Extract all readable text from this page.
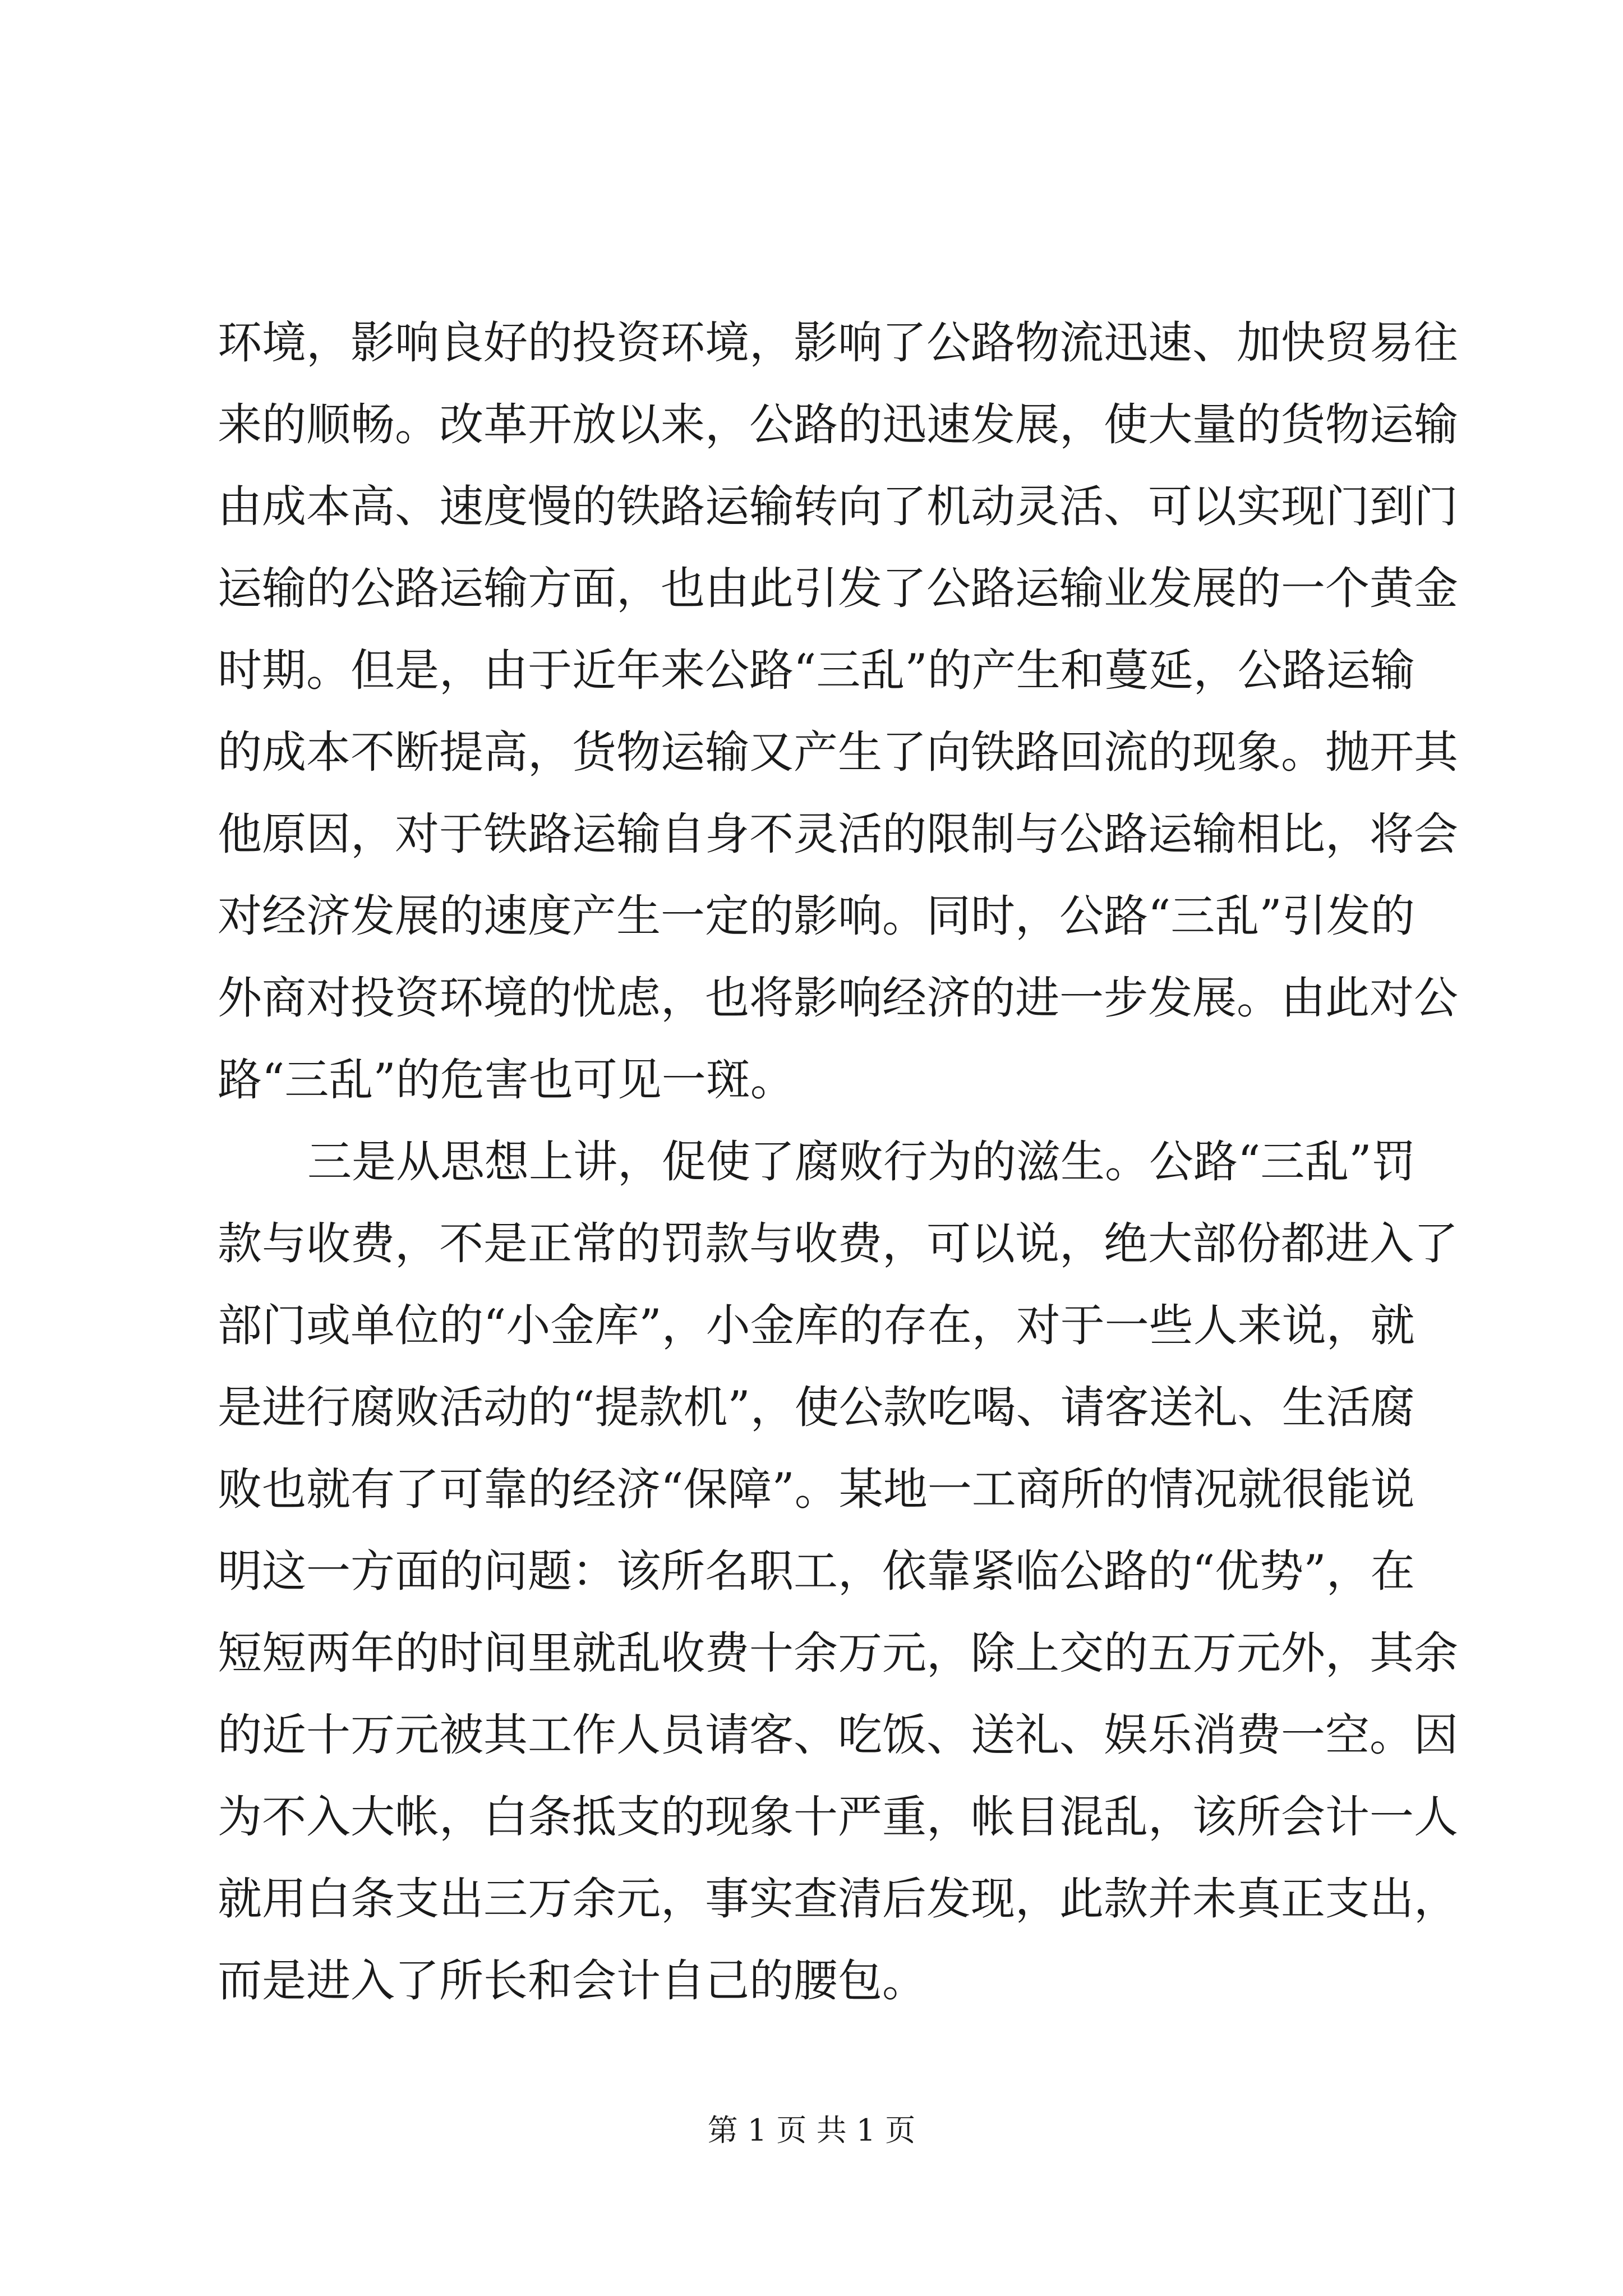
环境，影响良好的投资环境，影响了公路物流迅速、加快贸易往
来的顺畅。改革开放以来，公路的迅速发展，使大量的货物运输
由成本高、速度慢的铁路运输转向了机动灵活、可以实现门到门
运输的公路运输方面，也由此引发了公路运输业发展的一个黄金
时期。但是，由于近年来公路“三乱”的产生和蔓延，公路运输
的成本不断提高，货物运输又产生了向铁路回流的现象。抛开其
他原因，对于铁路运输自身不灵活的限制与公路运输相比，将会
对经济发展的速度产生一定的影响。同时，公路“三乱”引发的
外商对投资环境的忧虑，也将影响经济的进一步发展。由此对公
路“三乱”的危害也可见一斑。
三是从思想上讲，促使了腐败行为的滋生。公路“三乱”罚
款与收费，不是正常的罚款与收费，可以说，绝大部份都进入了
部门或单位的“小金库”，小金库的存在，对于一些人来说，就
是进行腐败活动的“提款机”，使公款吃喝、请客送礼、生活腐
败也就有了可靠的经济“保障”。某地一工商所的情况就很能说
明这一方面的问题：该所名职工，依靠紧临公路的“优势”，在
短短两年的时间里就乱收费十余万元，除上交的五万元外，其余
的近十万元被其工作人员请客、吃饭、送礼、娱乐消费一空。因
为不入大帐，白条抵支的现象十严重，帐目混乱，该所会计一人
就用白条支出三万余元，事实查清后发现，此款并未真正支出，
而是进入了所长和会计自己的腰包。
第 1 页 共 1 页
